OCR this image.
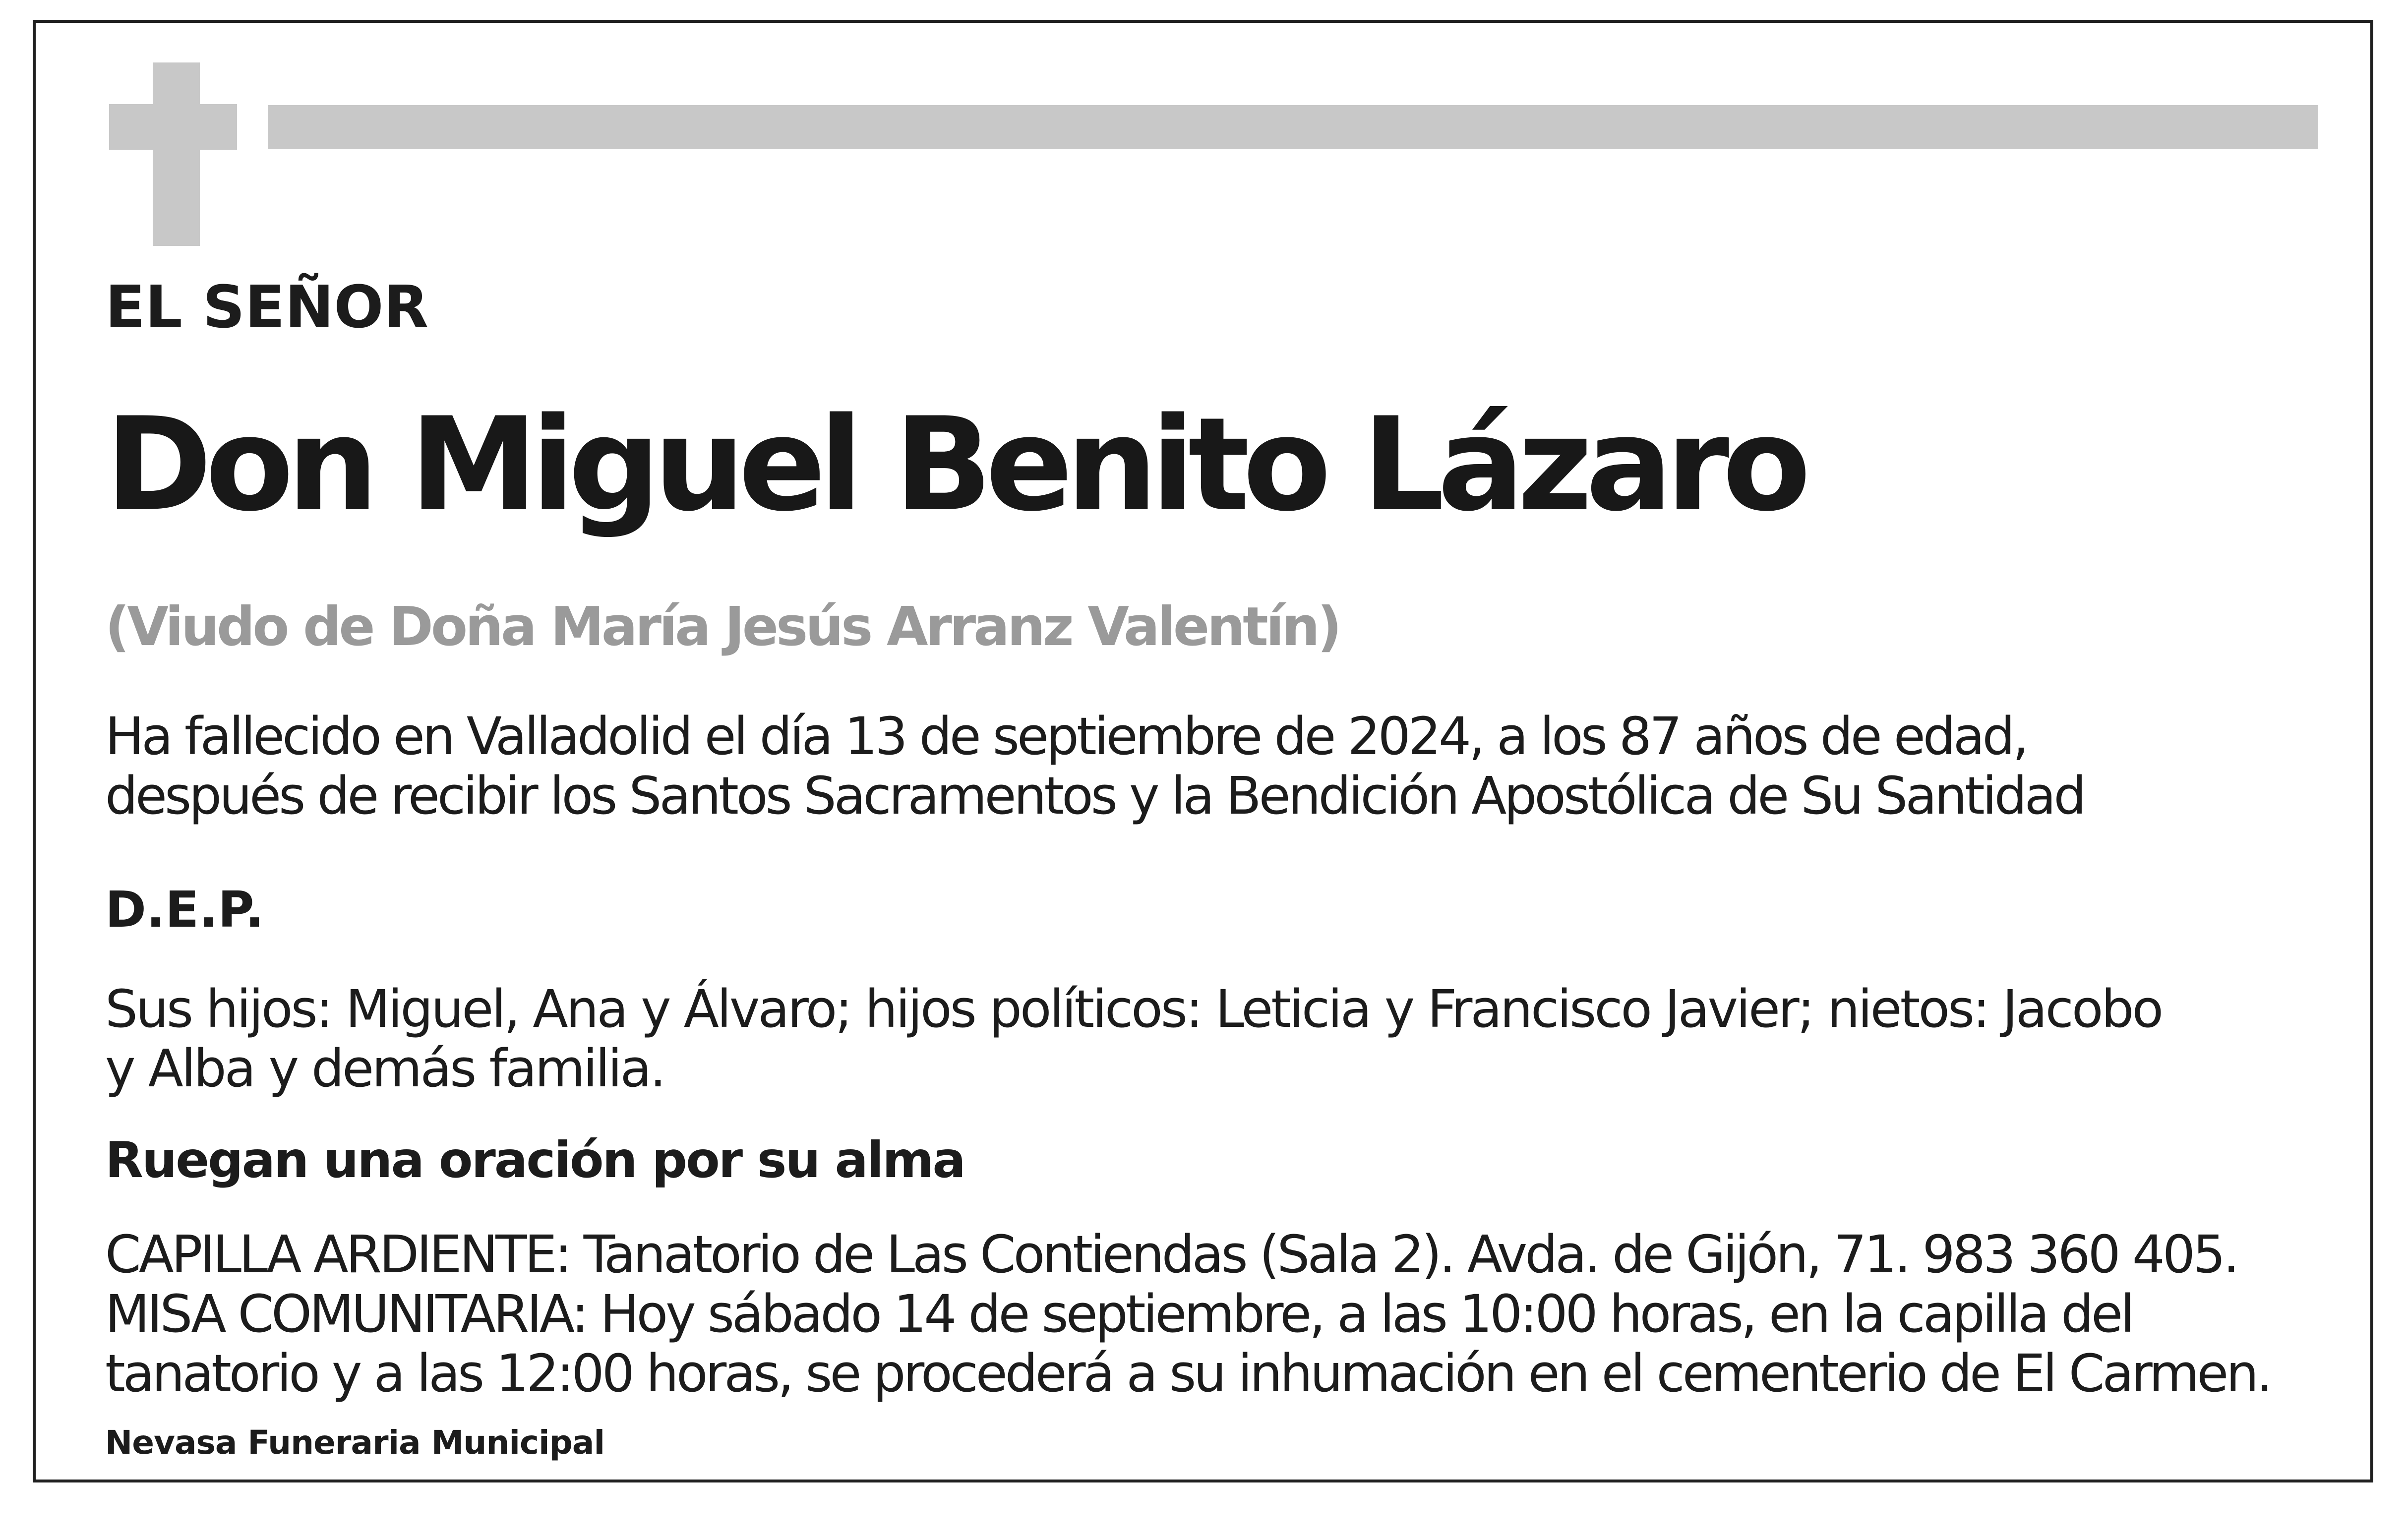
EL SEÑOR

Don Miguel Benito Lázaro

(Viudo de Doña María Jesús Arranz Valentín)

Ha fallecido en Valladolid el día 13 de septiembre de 2024, a los 87 años de edad,
después de recibir los Santos Sacramentos y la Bendición Apostólica de Su Santidad

D.E.P.

Sus hijos: Miguel, Ana y Álvaro; hijos políticos: Leticia y Francisco Javier; nietos: Jacobo
y Alba y demás familia.

Ruegan una oración por su alma

CAPILLA ARDIENTE: Tanatorio de Las Contiendas (Sala 2). Avda. de Gijón, 71. 983 360 405.
MISA COMUNITARIA: Hoy sábado 14 de septiembre, a las 10:00 horas, en la capilla del
tanatorio y a las 12:00 horas, se procederá a su inhumación en el cementerio de El Carmen.

Nevasa Funeraria Municipal
